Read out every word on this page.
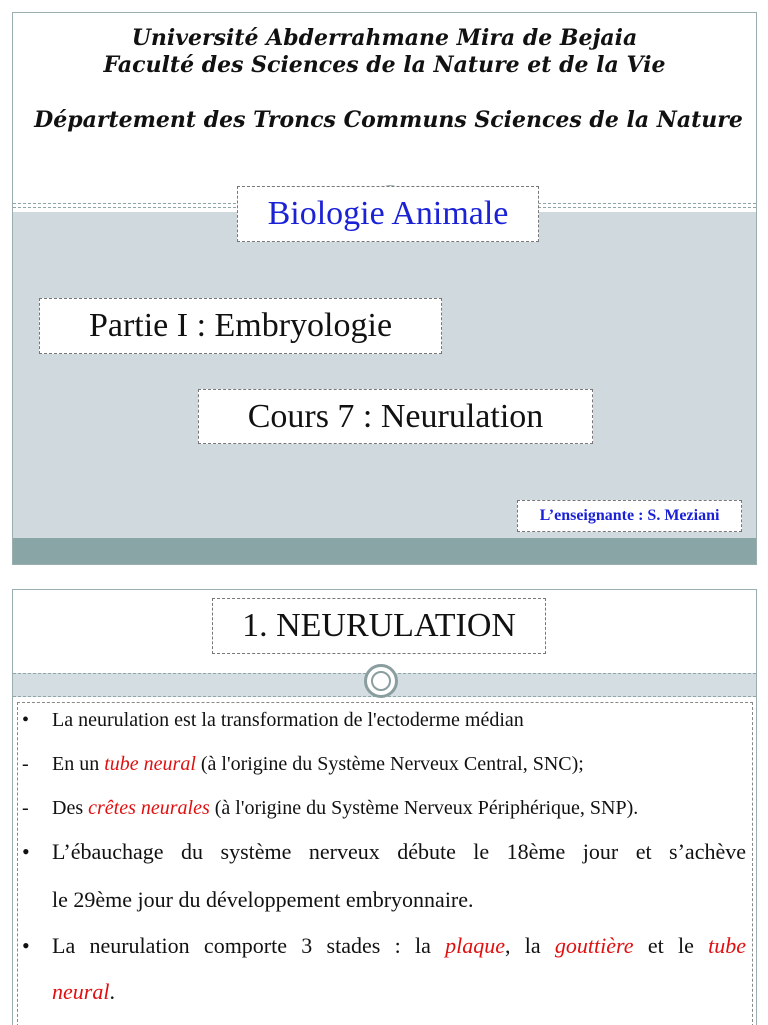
Université Abderrahmane Mira de Bejaia
Faculté des Sciences de la Nature et de la Vie
Département des Troncs Communs Sciences de la Nature
Biologie Animale
Partie I : Embryologie
Cours 7 : Neurulation
L’enseignante : S. Meziani
1. NEURULATION
• La neurulation est la transformation de l'ectoderme médian
- En un tube neural (à l'origine du Système Nerveux Central, SNC);
- Des crêtes neurales (à l'origine du Système Nerveux Périphérique, SNP).
• L’ébauchage du système nerveux débute le 18ème jour et s’achève
le 29ème jour du développement embryonnaire.
• La neurulation comporte 3 stades : la plaque, la gouttière et le tube
neural.
